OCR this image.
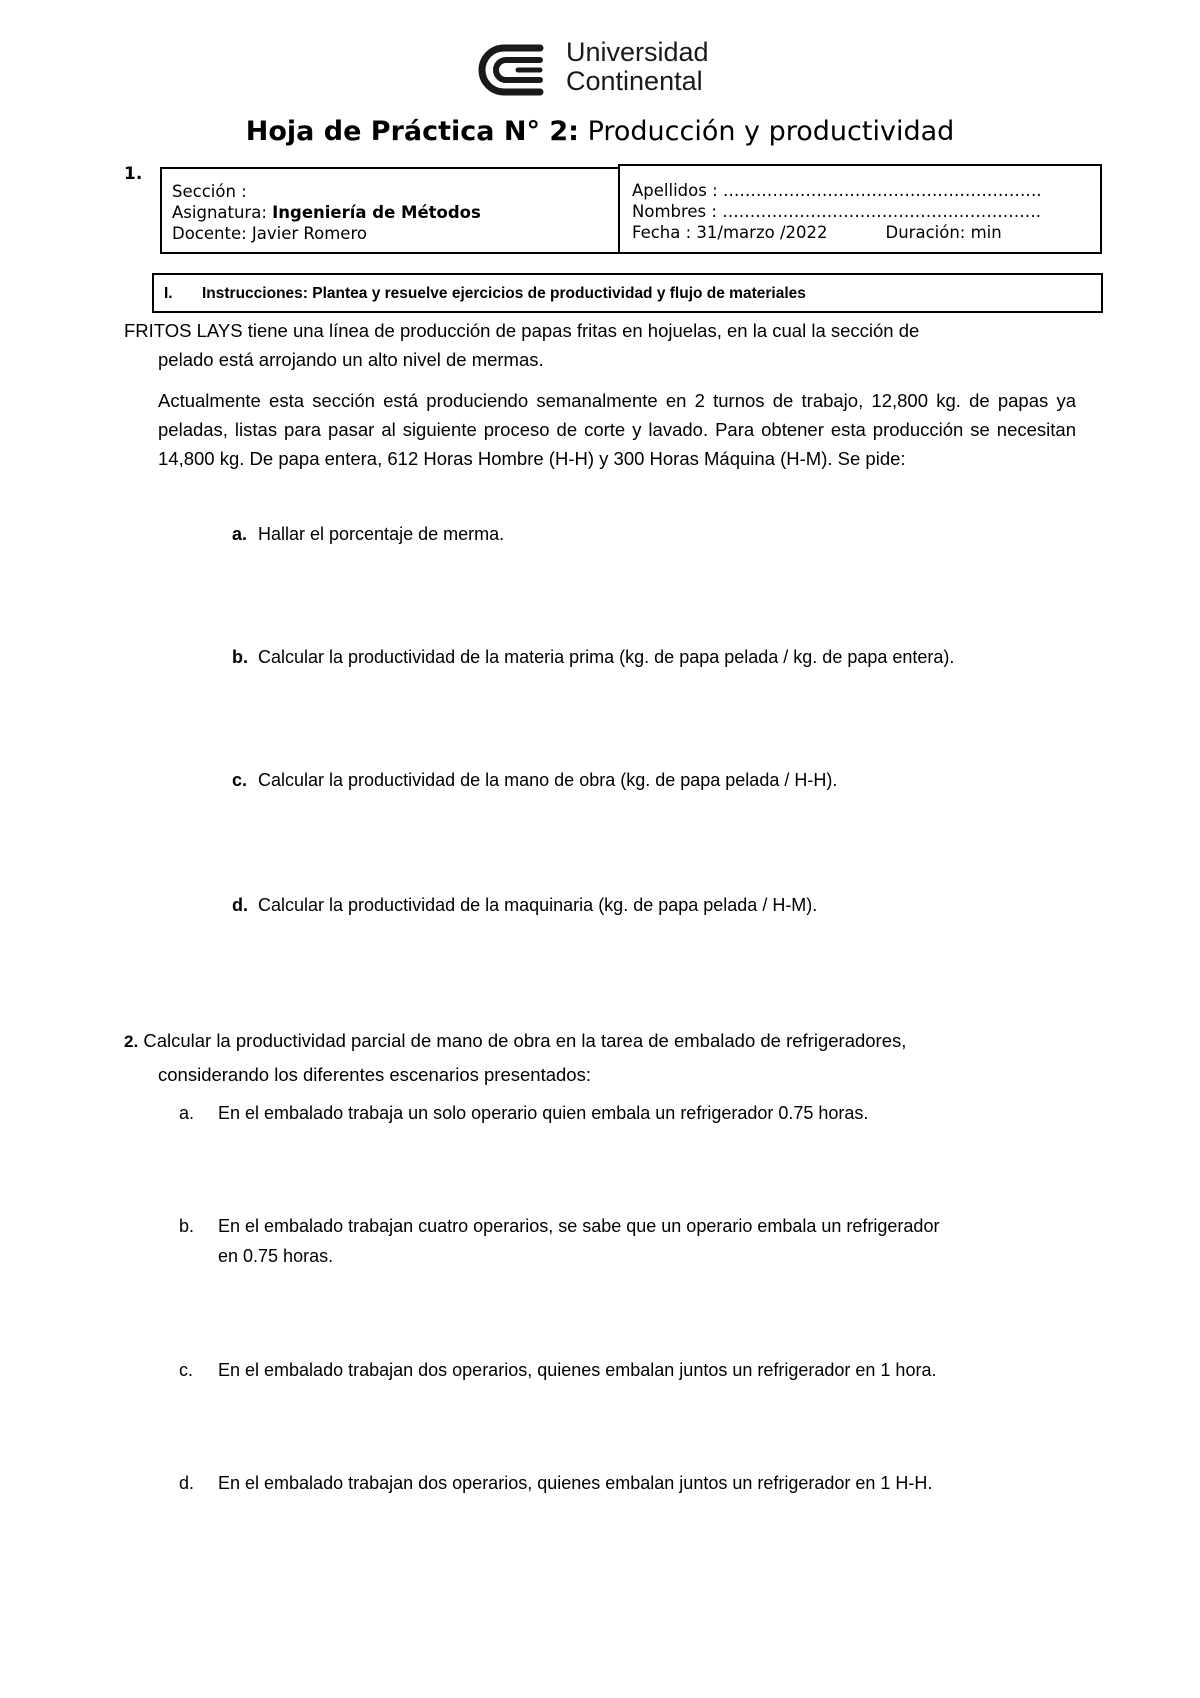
Universidad
Continental
Hoja de Práctica N° 2: Producción y productividad
1.
Sección :
Asignatura: Ingeniería de Métodos
Docente: Javier Romero
Apellidos : ………………………………………………….
Nombres : ………………………………………………….
Fecha : 31/marzo /2022	Duración: min
I. Instrucciones: Plantea y resuelve ejercicios de productividad y flujo de materiales
FRITOS LAYS tiene una línea de producción de papas fritas en hojuelas, en la cual la sección de
pelado está arrojando un alto nivel de mermas.
Actualmente esta sección está produciendo semanalmente en 2 turnos de trabajo, 12,800 kg. de papas ya peladas, listas para pasar al siguiente proceso de corte y lavado. Para obtener esta producción se necesitan 14,800 kg. De papa entera, 612 Horas Hombre (H-H) y 300 Horas Máquina (H-M). Se pide:
a. Hallar el porcentaje de merma.
b. Calcular la productividad de la materia prima (kg. de papa pelada / kg. de papa entera).
c. Calcular la productividad de la mano de obra (kg. de papa pelada / H-H).
d. Calcular la productividad de la maquinaria (kg. de papa pelada / H-M).
2. Calcular la productividad parcial de mano de obra en la tarea de embalado de refrigeradores,
considerando los diferentes escenarios presentados:
a. En el embalado trabaja un solo operario quien embala un refrigerador 0.75 horas.
b. En el embalado trabajan cuatro operarios, se sabe que un operario embala un refrigerador
en 0.75 horas.
c. En el embalado trabajan dos operarios, quienes embalan juntos un refrigerador en 1 hora.
d. En el embalado trabajan dos operarios, quienes embalan juntos un refrigerador en 1 H-H.
